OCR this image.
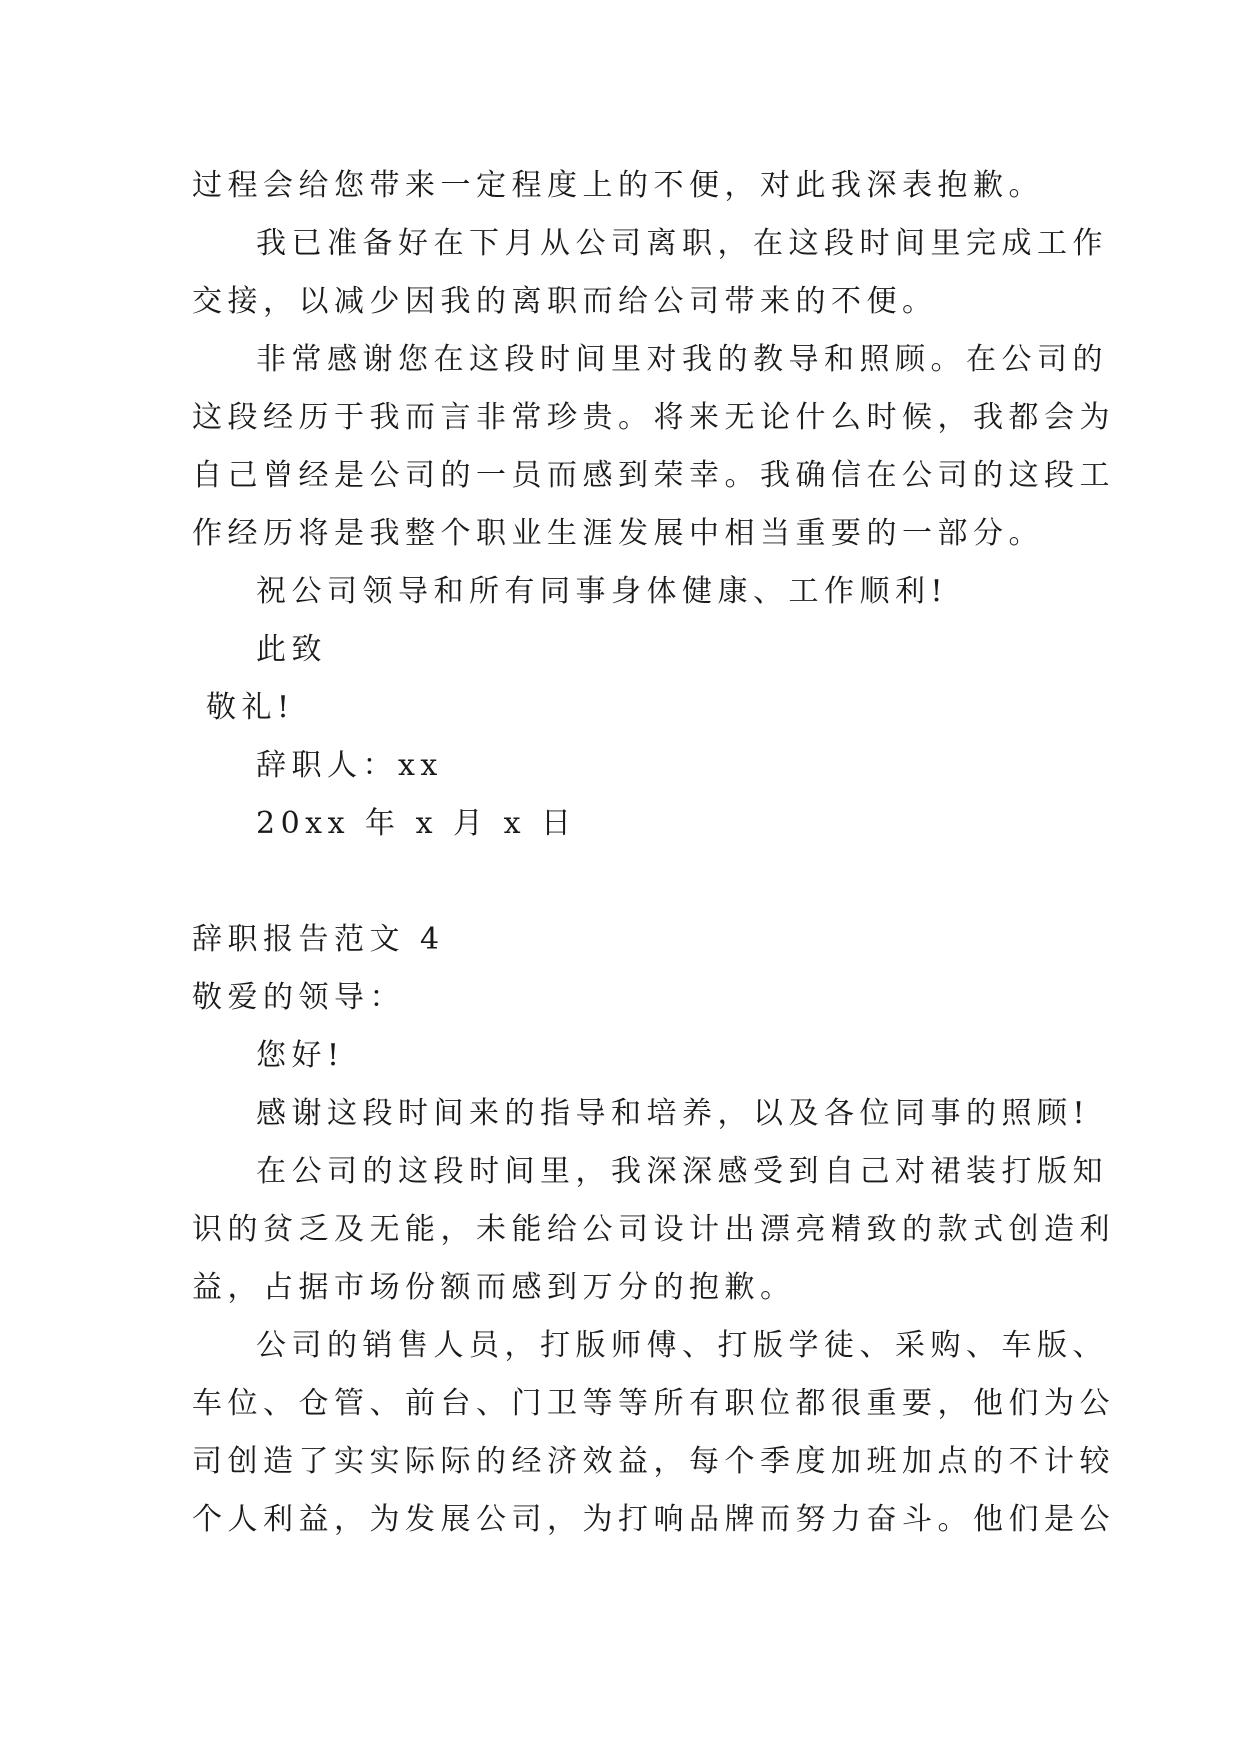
过程会给您带来一定程度上的不便，对此我深表抱歉。
我已准备好在下月从公司离职，在这段时间里完成工作
交接，以减少因我的离职而给公司带来的不便。
非常感谢您在这段时间里对我的教导和照顾。在公司的
这段经历于我而言非常珍贵。将来无论什么时候，我都会为
自己曾经是公司的一员而感到荣幸。我确信在公司的这段工
作经历将是我整个职业生涯发展中相当重要的一部分。
祝公司领导和所有同事身体健康、工作顺利!
此致
敬礼!
辞职人：xx
20xx 年 x 月 x 日
辞职报告范文 4
敬爱的领导：
您好!
感谢这段时间来的指导和培养，以及各位同事的照顾!
在公司的这段时间里，我深深感受到自己对裙装打版知
识的贫乏及无能，未能给公司设计出漂亮精致的款式创造利
益，占据市场份额而感到万分的抱歉。
公司的销售人员，打版师傅、打版学徒、采购、车版、
车位、仓管、前台、门卫等等所有职位都很重要，他们为公
司创造了实实际际的经济效益，每个季度加班加点的不计较
个人利益，为发展公司，为打响品牌而努力奋斗。他们是公
